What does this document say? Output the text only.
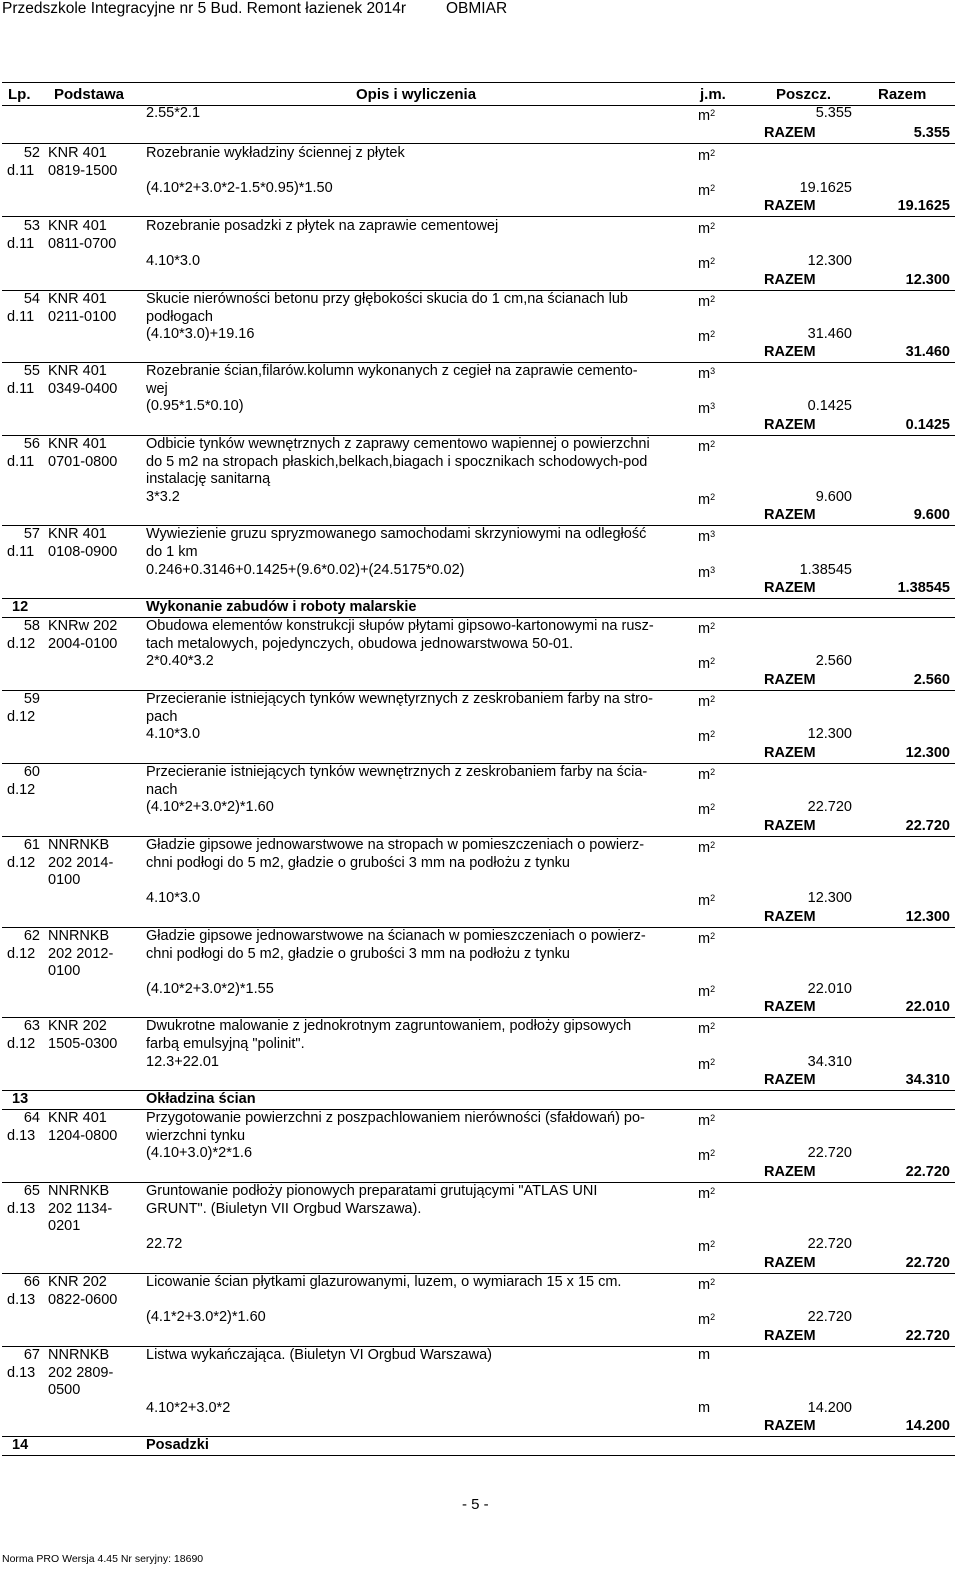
Przedszkole Integracyjne nr 5 Bud. Remont łazienek 2014r	OBMIAR
Lp. Podstawa	Opis i wyliczenia	j.m.	Poszcz.	Razem
2.55*2.1	$m^2$	5.355
RAZEM	5.355
52 KNR 401
d.11 0819-1500
Rozebranie wykładziny ściennej z płytek	$m^2$
(4.10*2+3.0*2-1.5*0.95)*1.50	$m^2$	19.1625
RAZEM	19.1625
53 KNR 401
d.11 0811-0700
Rozebranie posadzki z płytek na zaprawie cementowej	$m^2$
4.10*3.0	$m^2$	12.300
RAZEM	12.300
54 KNR 401
d.11 0211-0100
Skucie nierówności betonu przy głębokości skucia do 1 cm,na ścianach lub
podłogach
$m^2$
(4.10*3.0)+19.16	$m^2$	31.460
RAZEM	31.460
55 KNR 401
d.11 0349-0400
Rozebranie ścian,filarów.kolumn wykonanych z cegieł na zaprawie cemento-
wej
$m^3$
(0.95*1.5*0.10)	$m^3$	0.1425
RAZEM	0.1425
56 KNR 401
d.11 0701-0800
Odbicie tynków wewnętrznych z zaprawy cementowo wapiennej o powierzchni
do 5 m2 na stropach płaskich,belkach,biagach i spocznikach schodowych-pod
instalację sanitarną
$m^2$
3*3.2	$m^2$	9.600
RAZEM	9.600
57 KNR 401
d.11 0108-0900
Wywiezienie gruzu spryzmowanego samochodami skrzyniowymi na odległość
do 1 km
$m^3$
0.246+0.3146+0.1425+(9.6*0.02)+(24.5175*0.02)	$m^3$	1.38545
RAZEM	1.38545
12	Wykonanie zabudów i roboty malarskie
58 KNRw 202
d.12 2004-0100
Obudowa elementów konstrukcji słupów płytami gipsowo-kartonowymi na rusz-
tach metalowych, pojedynczych, obudowa jednowarstwowa 50-01.
$m^2$
2*0.40*3.2	$m^2$	2.560
RAZEM	2.560
59
d.12
Przecieranie istniejących tynków wewnętyrznych z zeskrobaniem farby na stro-
pach
$m^2$
4.10*3.0	$m^2$	12.300
RAZEM	12.300
60
d.12
Przecieranie istniejących tynków wewnętrznych z zeskrobaniem farby na ścia-
nach
$m^2$
(4.10*2+3.0*2)*1.60	$m^2$	22.720
RAZEM	22.720
61 NNRNKB
d.12 202 2014-
0100
Gładzie gipsowe jednowarstwowe na stropach w pomieszczeniach o powierz-
chni podłogi do 5 m2, gładzie o grubości 3 mm na podłożu z tynku
$m^2$
4.10*3.0	$m^2$	12.300
RAZEM	12.300
62 NNRNKB
d.12 202 2012-
0100
Gładzie gipsowe jednowarstwowe na ścianach w pomieszczeniach o powierz-
chni podłogi do 5 m2, gładzie o grubości 3 mm na podłożu z tynku
$m^2$
(4.10*2+3.0*2)*1.55	$m^2$	22.010
RAZEM	22.010
63 KNR 202
d.12 1505-0300
Dwukrotne malowanie z jednokrotnym zagruntowaniem, podłoży gipsowych
farbą emulsyjną "polinit".
$m^2$
12.3+22.01	$m^2$	34.310
RAZEM	34.310
13	Okładzina ścian
64 KNR 401
d.13 1204-0800
Przygotowanie powierzchni z poszpachlowaniem nierówności (sfałdowań) po-
wierzchni tynku
$m^2$
(4.10+3.0)*2*1.6	$m^2$	22.720
RAZEM	22.720
65 NNRNKB
d.13 202 1134-
0201
Gruntowanie podłoży pionowych preparatami grutującymi "ATLAS UNI
GRUNT". (Biuletyn VII Orgbud Warszawa).
$m^2$
22.72	$m^2$	22.720
RAZEM	22.720
66 KNR 202
d.13 0822-0600
Licowanie ścian płytkami glazurowanymi, luzem, o wymiarach 15 x 15 cm.	$m^2$
(4.1*2+3.0*2)*1.60	$m^2$	22.720
RAZEM	22.720
67 NNRNKB
d.13 202 2809-
0500
Listwa wykańczająca. (Biuletyn VI Orgbud Warszawa)	m
4.10*2+3.0*2	m	14.200
RAZEM	14.200
14	Posadzki
- 5 -
Norma PRO Wersja 4.45 Nr seryjny: 18690
